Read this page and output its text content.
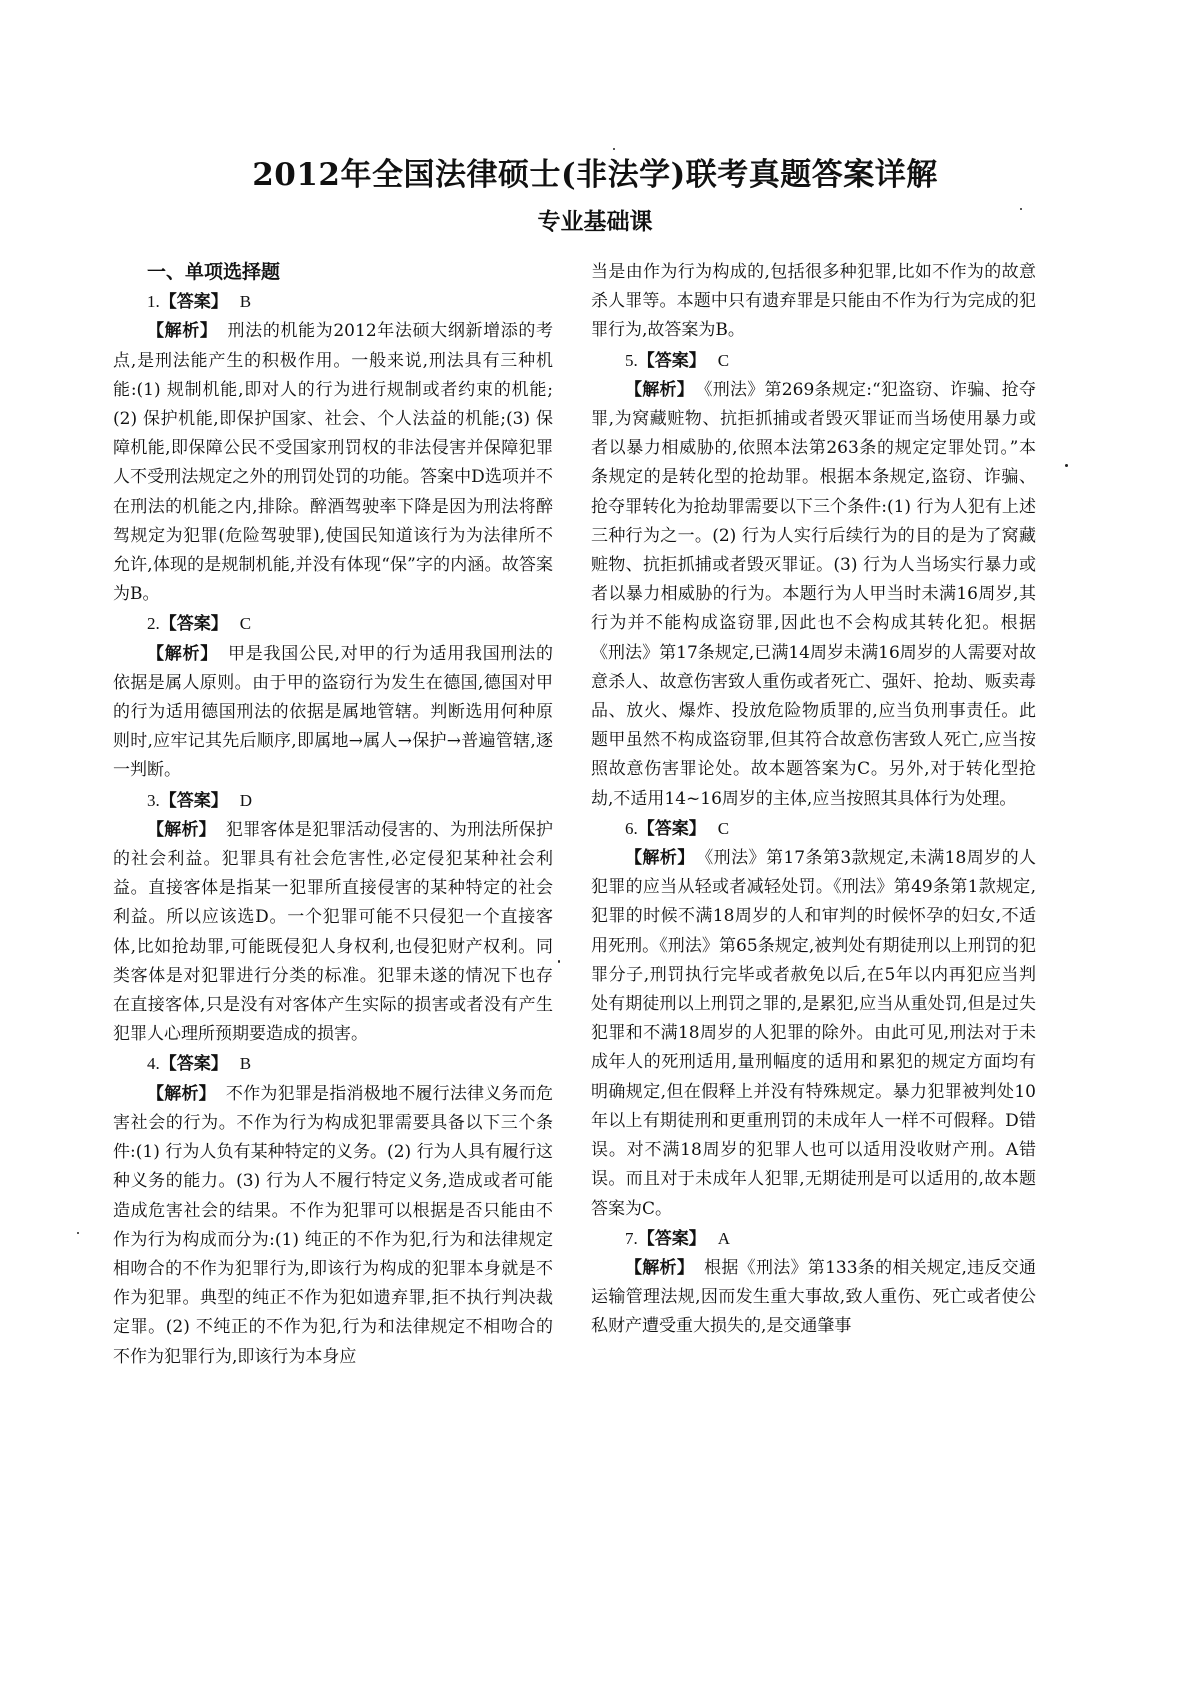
2012年全国法律硕士(非法学)联考真题答案详解
专业基础课

一、单项选择题

1.【答案】 B

【解析】 刑法的机能为2012年法硕大纲新增添的考点,是刑法能产生的积极作用。一般来说,刑法具有三种机能:(1) 规制机能,即对人的行为进行规制或者约束的机能;(2) 保护机能,即保护国家、社会、个人法益的机能;(3) 保障机能,即保障公民不受国家刑罚权的非法侵害并保障犯罪人不受刑法规定之外的刑罚处罚的功能。答案中D选项并不在刑法的机能之内,排除。醉酒驾驶率下降是因为刑法将醉驾规定为犯罪(危险驾驶罪),使国民知道该行为为法律所不允许,体现的是规制机能,并没有体现“保”字的内涵。故答案为B。

2.【答案】 C

【解析】 甲是我国公民,对甲的行为适用我国刑法的依据是属人原则。由于甲的盗窃行为发生在德国,德国对甲的行为适用德国刑法的依据是属地管辖。判断选用何种原则时,应牢记其先后顺序,即属地→属人→保护→普遍管辖,逐一判断。

3.【答案】 D

【解析】 犯罪客体是犯罪活动侵害的、为刑法所保护的社会利益。犯罪具有社会危害性,必定侵犯某种社会利益。直接客体是指某一犯罪所直接侵害的某种特定的社会利益。所以应该选D。一个犯罪可能不只侵犯一个直接客体,比如抢劫罪,可能既侵犯人身权利,也侵犯财产权利。同类客体是对犯罪进行分类的标准。犯罪未遂的情况下也存在直接客体,只是没有对客体产生实际的损害或者没有产生犯罪人心理所预期要造成的损害。

4.【答案】 B

【解析】 不作为犯罪是指消极地不履行法律义务而危害社会的行为。不作为行为构成犯罪需要具备以下三个条件:(1) 行为人负有某种特定的义务。(2) 行为人具有履行这种义务的能力。(3) 行为人不履行特定义务,造成或者可能造成危害社会的结果。不作为犯罪可以根据是否只能由不作为行为构成而分为:(1) 纯正的不作为犯,行为和法律规定相吻合的不作为犯罪行为,即该行为构成的犯罪本身就是不作为犯罪。典型的纯正不作为犯如遗弃罪,拒不执行判决裁定罪。(2) 不纯正的不作为犯,行为和法律规定不相吻合的不作为犯罪行为,即该行为本身应

当是由作为行为构成的,包括很多种犯罪,比如不作为的故意杀人罪等。本题中只有遗弃罪是只能由不作为行为完成的犯罪行为,故答案为B。

5.【答案】 C

【解析】 《刑法》第269条规定:“犯盗窃、诈骗、抢夺罪,为窝藏赃物、抗拒抓捕或者毁灭罪证而当场使用暴力或者以暴力相威胁的,依照本法第263条的规定定罪处罚。”本条规定的是转化型的抢劫罪。根据本条规定,盗窃、诈骗、抢夺罪转化为抢劫罪需要以下三个条件:(1) 行为人犯有上述三种行为之一。(2) 行为人实行后续行为的目的是为了窝藏赃物、抗拒抓捕或者毁灭罪证。(3) 行为人当场实行暴力或者以暴力相威胁的行为。本题行为人甲当时未满16周岁,其行为并不能构成盗窃罪,因此也不会构成其转化犯。根据《刑法》第17条规定,已满14周岁未满16周岁的人需要对故意杀人、故意伤害致人重伤或者死亡、强奸、抢劫、贩卖毒品、放火、爆炸、投放危险物质罪的,应当负刑事责任。此题甲虽然不构成盗窃罪,但其符合故意伤害致人死亡,应当按照故意伤害罪论处。故本题答案为C。另外,对于转化型抢劫,不适用14~16周岁的主体,应当按照其具体行为处理。

6.【答案】 C

【解析】 《刑法》第17条第3款规定,未满18周岁的人犯罪的应当从轻或者减轻处罚。《刑法》第49条第1款规定,犯罪的时候不满18周岁的人和审判的时候怀孕的妇女,不适用死刑。《刑法》第65条规定,被判处有期徒刑以上刑罚的犯罪分子,刑罚执行完毕或者赦免以后,在5年以内再犯应当判处有期徒刑以上刑罚之罪的,是累犯,应当从重处罚,但是过失犯罪和不满18周岁的人犯罪的除外。由此可见,刑法对于未成年人的死刑适用,量刑幅度的适用和累犯的规定方面均有明确规定,但在假释上并没有特殊规定。暴力犯罪被判处10年以上有期徒刑和更重刑罚的未成年人一样不可假释。D错误。对不满18周岁的犯罪人也可以适用没收财产刑。A错误。而且对于未成年人犯罪,无期徒刑是可以适用的,故本题答案为C。

7.【答案】 A

【解析】 根据《刑法》第133条的相关规定,违反交通运输管理法规,因而发生重大事故,致人重伤、死亡或者使公私财产遭受重大损失的,是交通肇事
